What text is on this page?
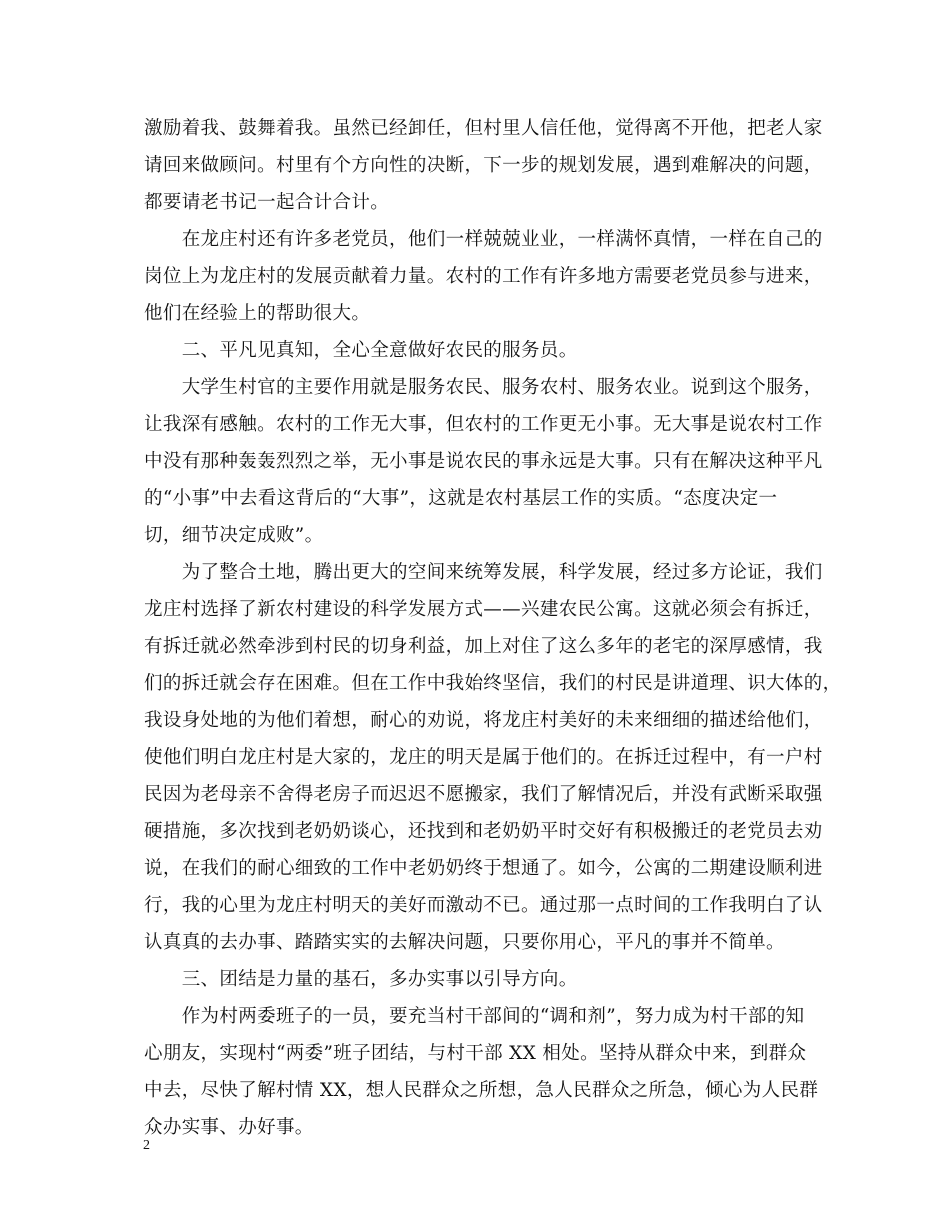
激励着我、鼓舞着我。虽然已经卸任，但村里人信任他，觉得离不开他，把老人家
请回来做顾问。村里有个方向性的决断，下一步的规划发展，遇到难解决的问题，
都要请老书记一起合计合计。
　　在龙庄村还有许多老党员，他们一样兢兢业业，一样满怀真情，一样在自己的
岗位上为龙庄村的发展贡献着力量。农村的工作有许多地方需要老党员参与进来，
他们在经验上的帮助很大。
　　二、平凡见真知，全心全意做好农民的服务员。
　　大学生村官的主要作用就是服务农民、服务农村、服务农业。说到这个服务，
让我深有感触。农村的工作无大事，但农村的工作更无小事。无大事是说农村工作
中没有那种轰轰烈烈之举，无小事是说农民的事永远是大事。只有在解决这种平凡
的“小事”中去看这背后的“大事”，这就是农村基层工作的实质。“态度决定一
切，细节决定成败”。
　　为了整合土地，腾出更大的空间来统筹发展，科学发展，经过多方论证，我们
龙庄村选择了新农村建设的科学发展方式——兴建农民公寓。这就必须会有拆迁，
有拆迁就必然牵涉到村民的切身利益，加上对住了这么多年的老宅的深厚感情，我
们的拆迁就会存在困难。但在工作中我始终坚信，我们的村民是讲道理、识大体的，
我设身处地的为他们着想，耐心的劝说，将龙庄村美好的未来细细的描述给他们，
使他们明白龙庄村是大家的，龙庄的明天是属于他们的。在拆迁过程中，有一户村
民因为老母亲不舍得老房子而迟迟不愿搬家，我们了解情况后，并没有武断采取强
硬措施，多次找到老奶奶谈心，还找到和老奶奶平时交好有积极搬迁的老党员去劝
说，在我们的耐心细致的工作中老奶奶终于想通了。如今，公寓的二期建设顺利进
行，我的心里为龙庄村明天的美好而激动不已。通过那一点时间的工作我明白了认
认真真的去办事、踏踏实实的去解决问题，只要你用心，平凡的事并不简单。
　　三、团结是力量的基石，多办实事以引导方向。
　　作为村两委班子的一员，要充当村干部间的“调和剂”，努力成为村干部的知
心朋友，实现村“两委”班子团结，与村干部 XX 相处。坚持从群众中来，到群众
中去，尽快了解村情 XX，想人民群众之所想，急人民群众之所急，倾心为人民群
众办实事、办好事。
2
